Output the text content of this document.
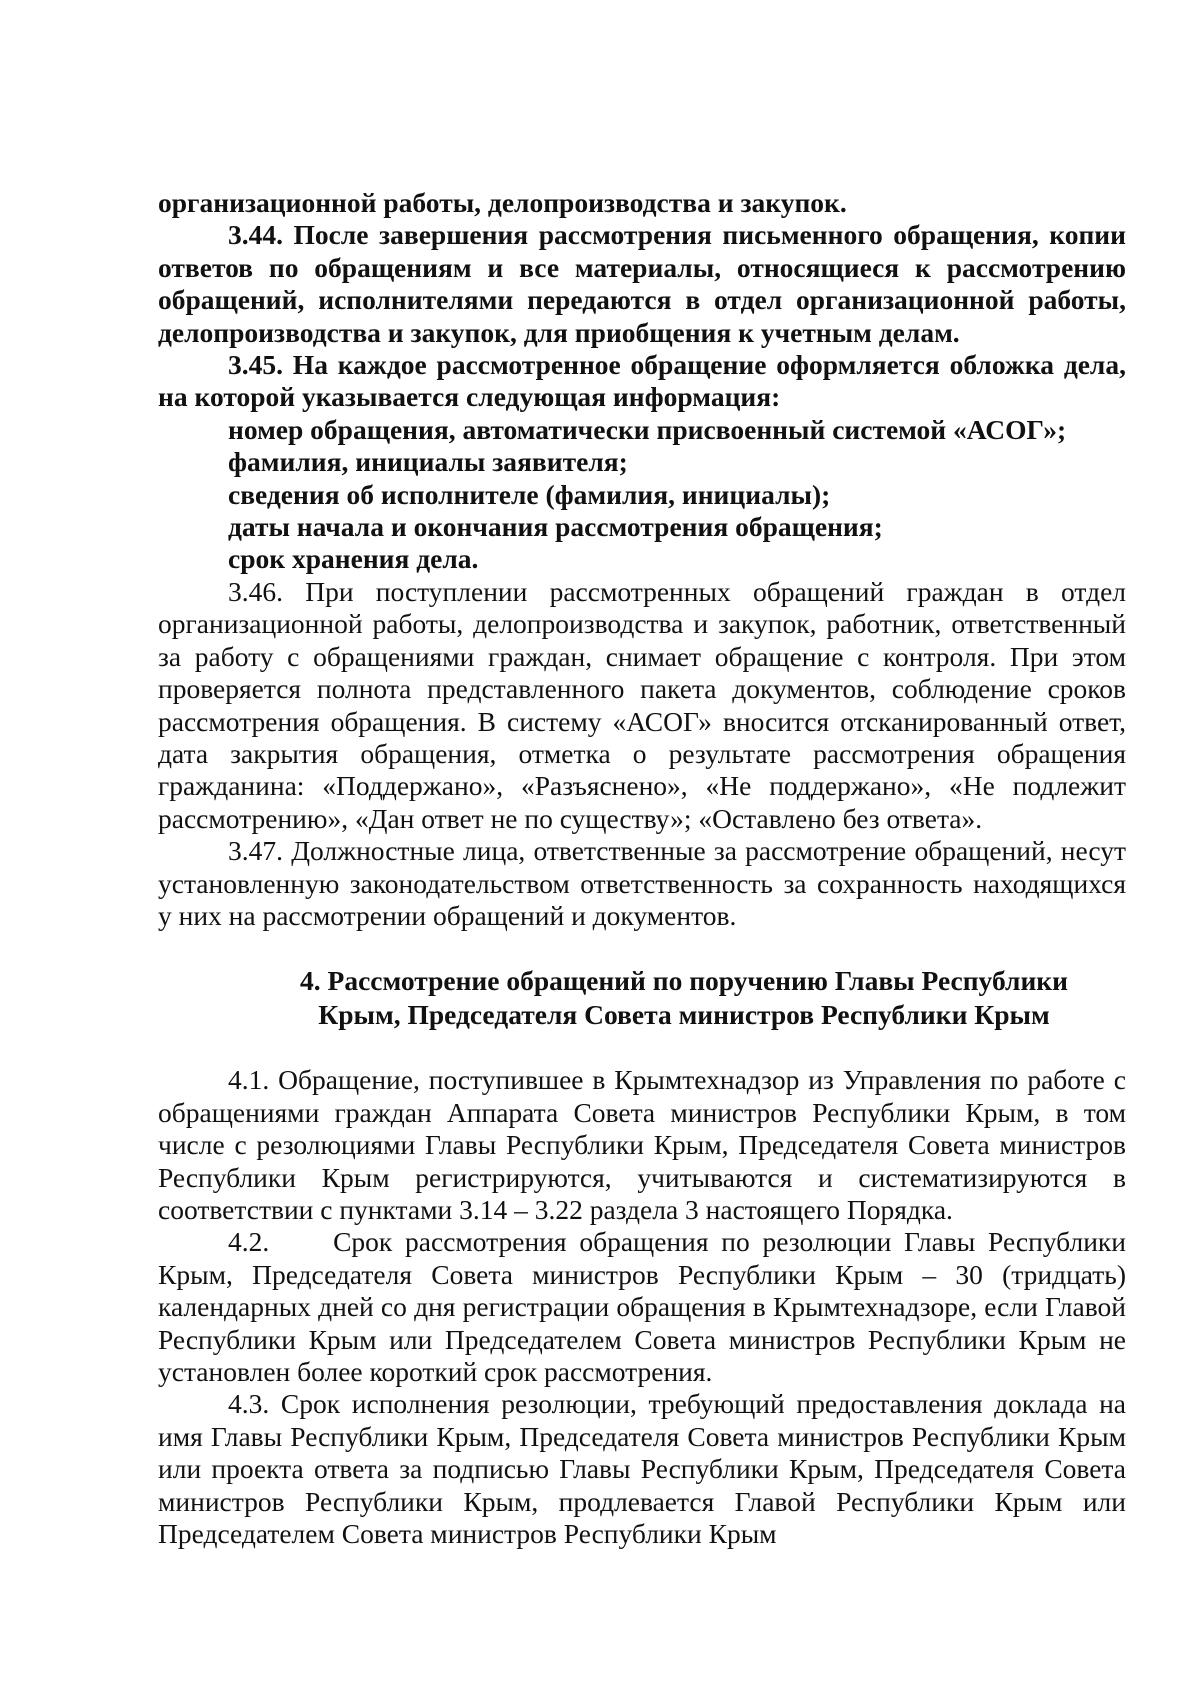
организационной работы, делопроизводства и закупок.

3.44. После завершения рассмотрения письменного обращения, копии ответов по обращениям и все материалы, относящиеся к рассмотрению обращений, исполнителями передаются в отдел организационной работы, делопроизводства и закупок, для приобщения к учетным делам.

3.45. На каждое рассмотренное обращение оформляется обложка дела, на которой указывается следующая информация:

номер обращения, автоматически присвоенный системой «АСОГ»;

фамилия, инициалы заявителя;

сведения об исполнителе (фамилия, инициалы);

даты начала и окончания рассмотрения обращения;

срок хранения дела.

3.46. При поступлении рассмотренных обращений граждан в отдел организационной работы, делопроизводства и закупок, работник, ответственный за работу с обращениями граждан, снимает обращение с контроля. При этом проверяется полнота представленного пакета документов, соблюдение сроков рассмотрения обращения. В систему «АСОГ» вносится отсканированный ответ, дата закрытия обращения, отметка о результате рассмотрения обращения гражданина: «Поддержано», «Разъяснено», «Не поддержано», «Не подлежит рассмотрению», «Дан ответ не по существу»; «Оставлено без ответа».

3.47. Должностные лица, ответственные за рассмотрение обращений, несут установленную законодательством ответственность за сохранность находящихся у них на рассмотрении обращений и документов.

4. Рассмотрение обращений по поручению Главы Республики
Крым, Председателя Совета министров Республики Крым

4.1. Обращение, поступившее в Крымтехнадзор из Управления по работе с обращениями граждан Аппарата Совета министров Республики Крым, в том числе с резолюциями Главы Республики Крым, Председателя Совета министров Республики Крым регистрируются, учитываются и систематизируются в соответствии с пунктами 3.14 – 3.22 раздела 3 настоящего Порядка.

4.2.     Срок рассмотрения обращения по резолюции Главы Республики Крым, Председателя Совета министров Республики Крым – 30 (тридцать) календарных дней со дня регистрации обращения в Крымтехнадзоре, если Главой Республики Крым или Председателем Совета министров Республики Крым не установлен более короткий срок рассмотрения.

4.3. Срок исполнения резолюции, требующий предоставления доклада на имя Главы Республики Крым, Председателя Совета министров Республики Крым или проекта ответа за подписью Главы Республики Крым, Председателя Совета министров Республики Крым, продлевается Главой Республики Крым или Председателем Совета министров Республики Крым
